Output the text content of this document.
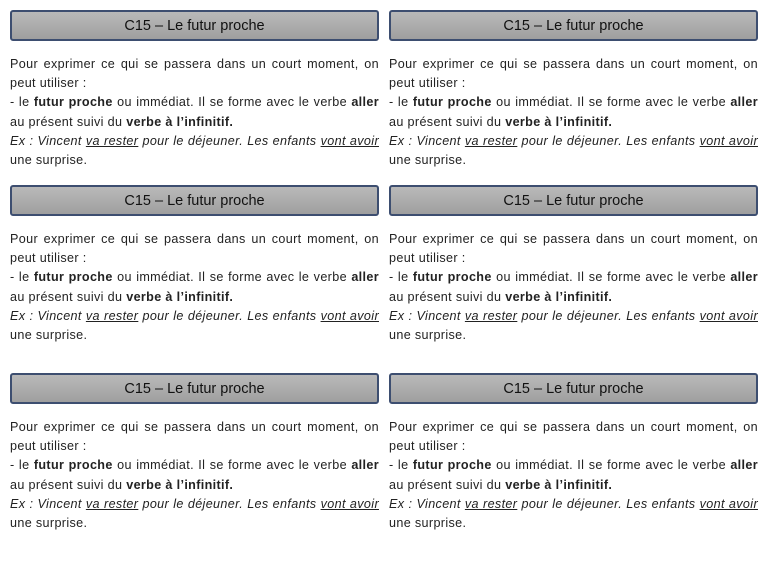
C15 – Le futur proche

Pour exprimer ce qui se passera dans un court moment, on peut utiliser :

- le futur proche ou immédiat. Il se forme avec le verbe aller au présent suivi du verbe à l’infinitif.

Ex : Vincent va rester pour le déjeuner. Les enfants vont avoir une surprise.

C15 – Le futur proche

Pour exprimer ce qui se passera dans un court moment, on peut utiliser :

- le futur proche ou immédiat. Il se forme avec le verbe aller au présent suivi du verbe à l’infinitif.

Ex : Vincent va rester pour le déjeuner. Les enfants vont avoir une surprise.

C15 – Le futur proche

Pour exprimer ce qui se passera dans un court moment, on peut utiliser :

- le futur proche ou immédiat. Il se forme avec le verbe aller au présent suivi du verbe à l’infinitif.

Ex : Vincent va rester pour le déjeuner. Les enfants vont avoir une surprise.

C15 – Le futur proche

Pour exprimer ce qui se passera dans un court moment, on peut utiliser :

- le futur proche ou immédiat. Il se forme avec le verbe aller au présent suivi du verbe à l’infinitif.

Ex : Vincent va rester pour le déjeuner. Les enfants vont avoir une surprise.

C15 – Le futur proche

Pour exprimer ce qui se passera dans un court moment, on peut utiliser :

- le futur proche ou immédiat. Il se forme avec le verbe aller au présent suivi du verbe à l’infinitif.

Ex : Vincent va rester pour le déjeuner. Les enfants vont avoir une surprise.

C15 – Le futur proche

Pour exprimer ce qui se passera dans un court moment, on peut utiliser :

- le futur proche ou immédiat. Il se forme avec le verbe aller au présent suivi du verbe à l’infinitif.

Ex : Vincent va rester pour le déjeuner. Les enfants vont avoir une surprise.
